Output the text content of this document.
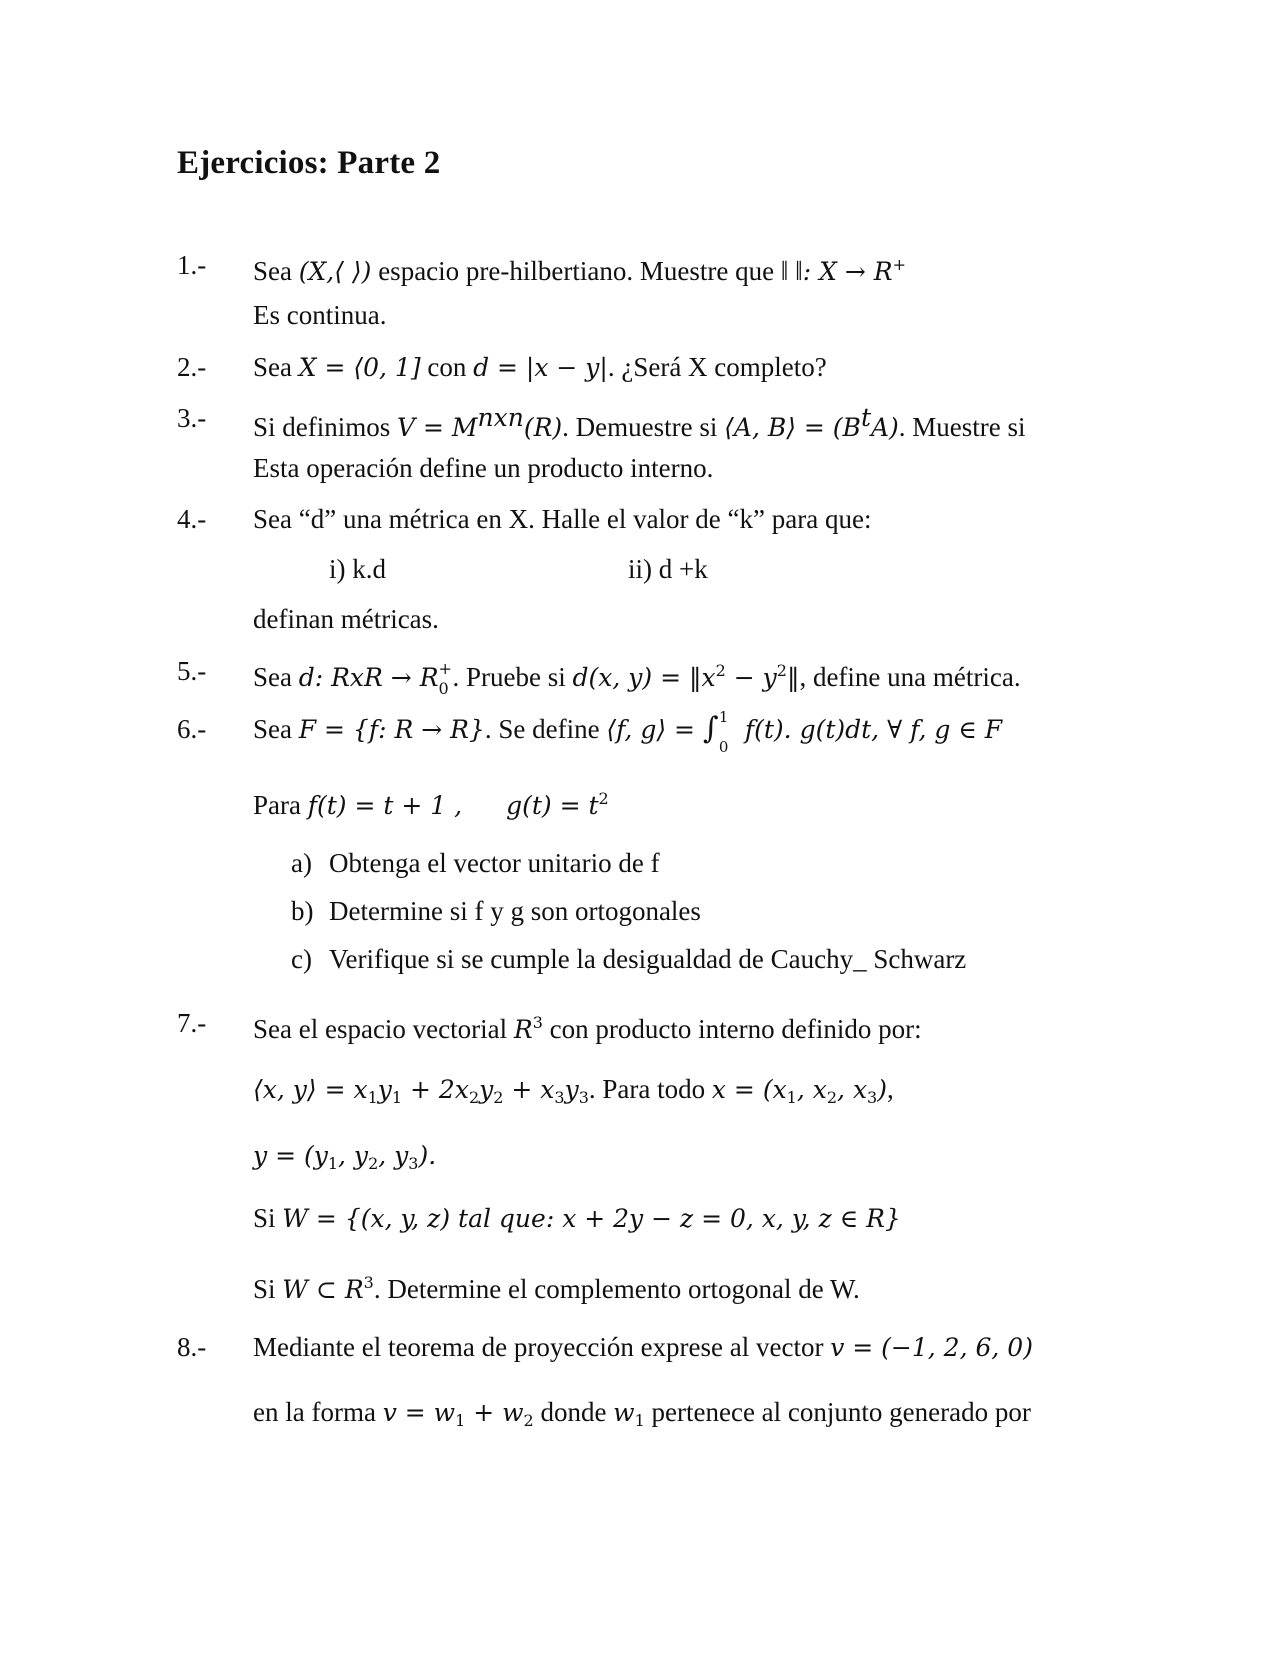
Ejercicios: Parte 2
1.- Sea (X,⟨ ⟩) espacio pre-hilbertiano. Muestre que ‖ ‖: X → R+
Es continua.
2.- Sea X = ⟨0, 1] con d = |x − y|. ¿Será X completo?
3.- Si definimos $V = M^{nxn}(R)$. Demuestre si ⟨A, B⟩ = $(B^tA)$. Muestre si
Esta operación define un producto interno.
4.- Sea “d” una métrica en X. Halle el valor de “k” para que:
i) k.d	ii) d +k
definan métricas.
5.- Sea d: RxR → R +
0 . Pruebe si d(x, $y) = ‖x^2$ − $y^2‖$, define una métrica.
6.- Sea F = {f: R → R}. Se define ⟨f, g⟩ = ∫ 1
0
f(t). g(t)dt, ∀ f, g ∈ F
Para f(t) = t + 1 , $g(t) = t^2$
a) Obtenga el vector unitario de f
b) Determine si f y g son ortogonales
c) Verifique si se cumple la desigualdad de Cauchy_ Schwarz
7.- Sea el espacio vectorial $R^3$ con producto interno definido por:
⟨x, y⟩ = $x_1y_1 + 2x_2y_2 + x_3y_3$. Para todo $x = (x_1$, $x_2$, $x_3$),
$y = (y_1$, $y_2$, $y_3$).
Si W = {(x, y, z) tal que: x + 2y − z = 0, x, y, z ∈ R}
Si W ⊂ $R^3$. Determine el complemento ortogonal de W.
8.- Mediante el teorema de proyección exprese al vector v = (−1, 2, 6, 0)
en la forma $v = w_1 + w_2$ donde $w_1$ pertenece al conjunto generado por
